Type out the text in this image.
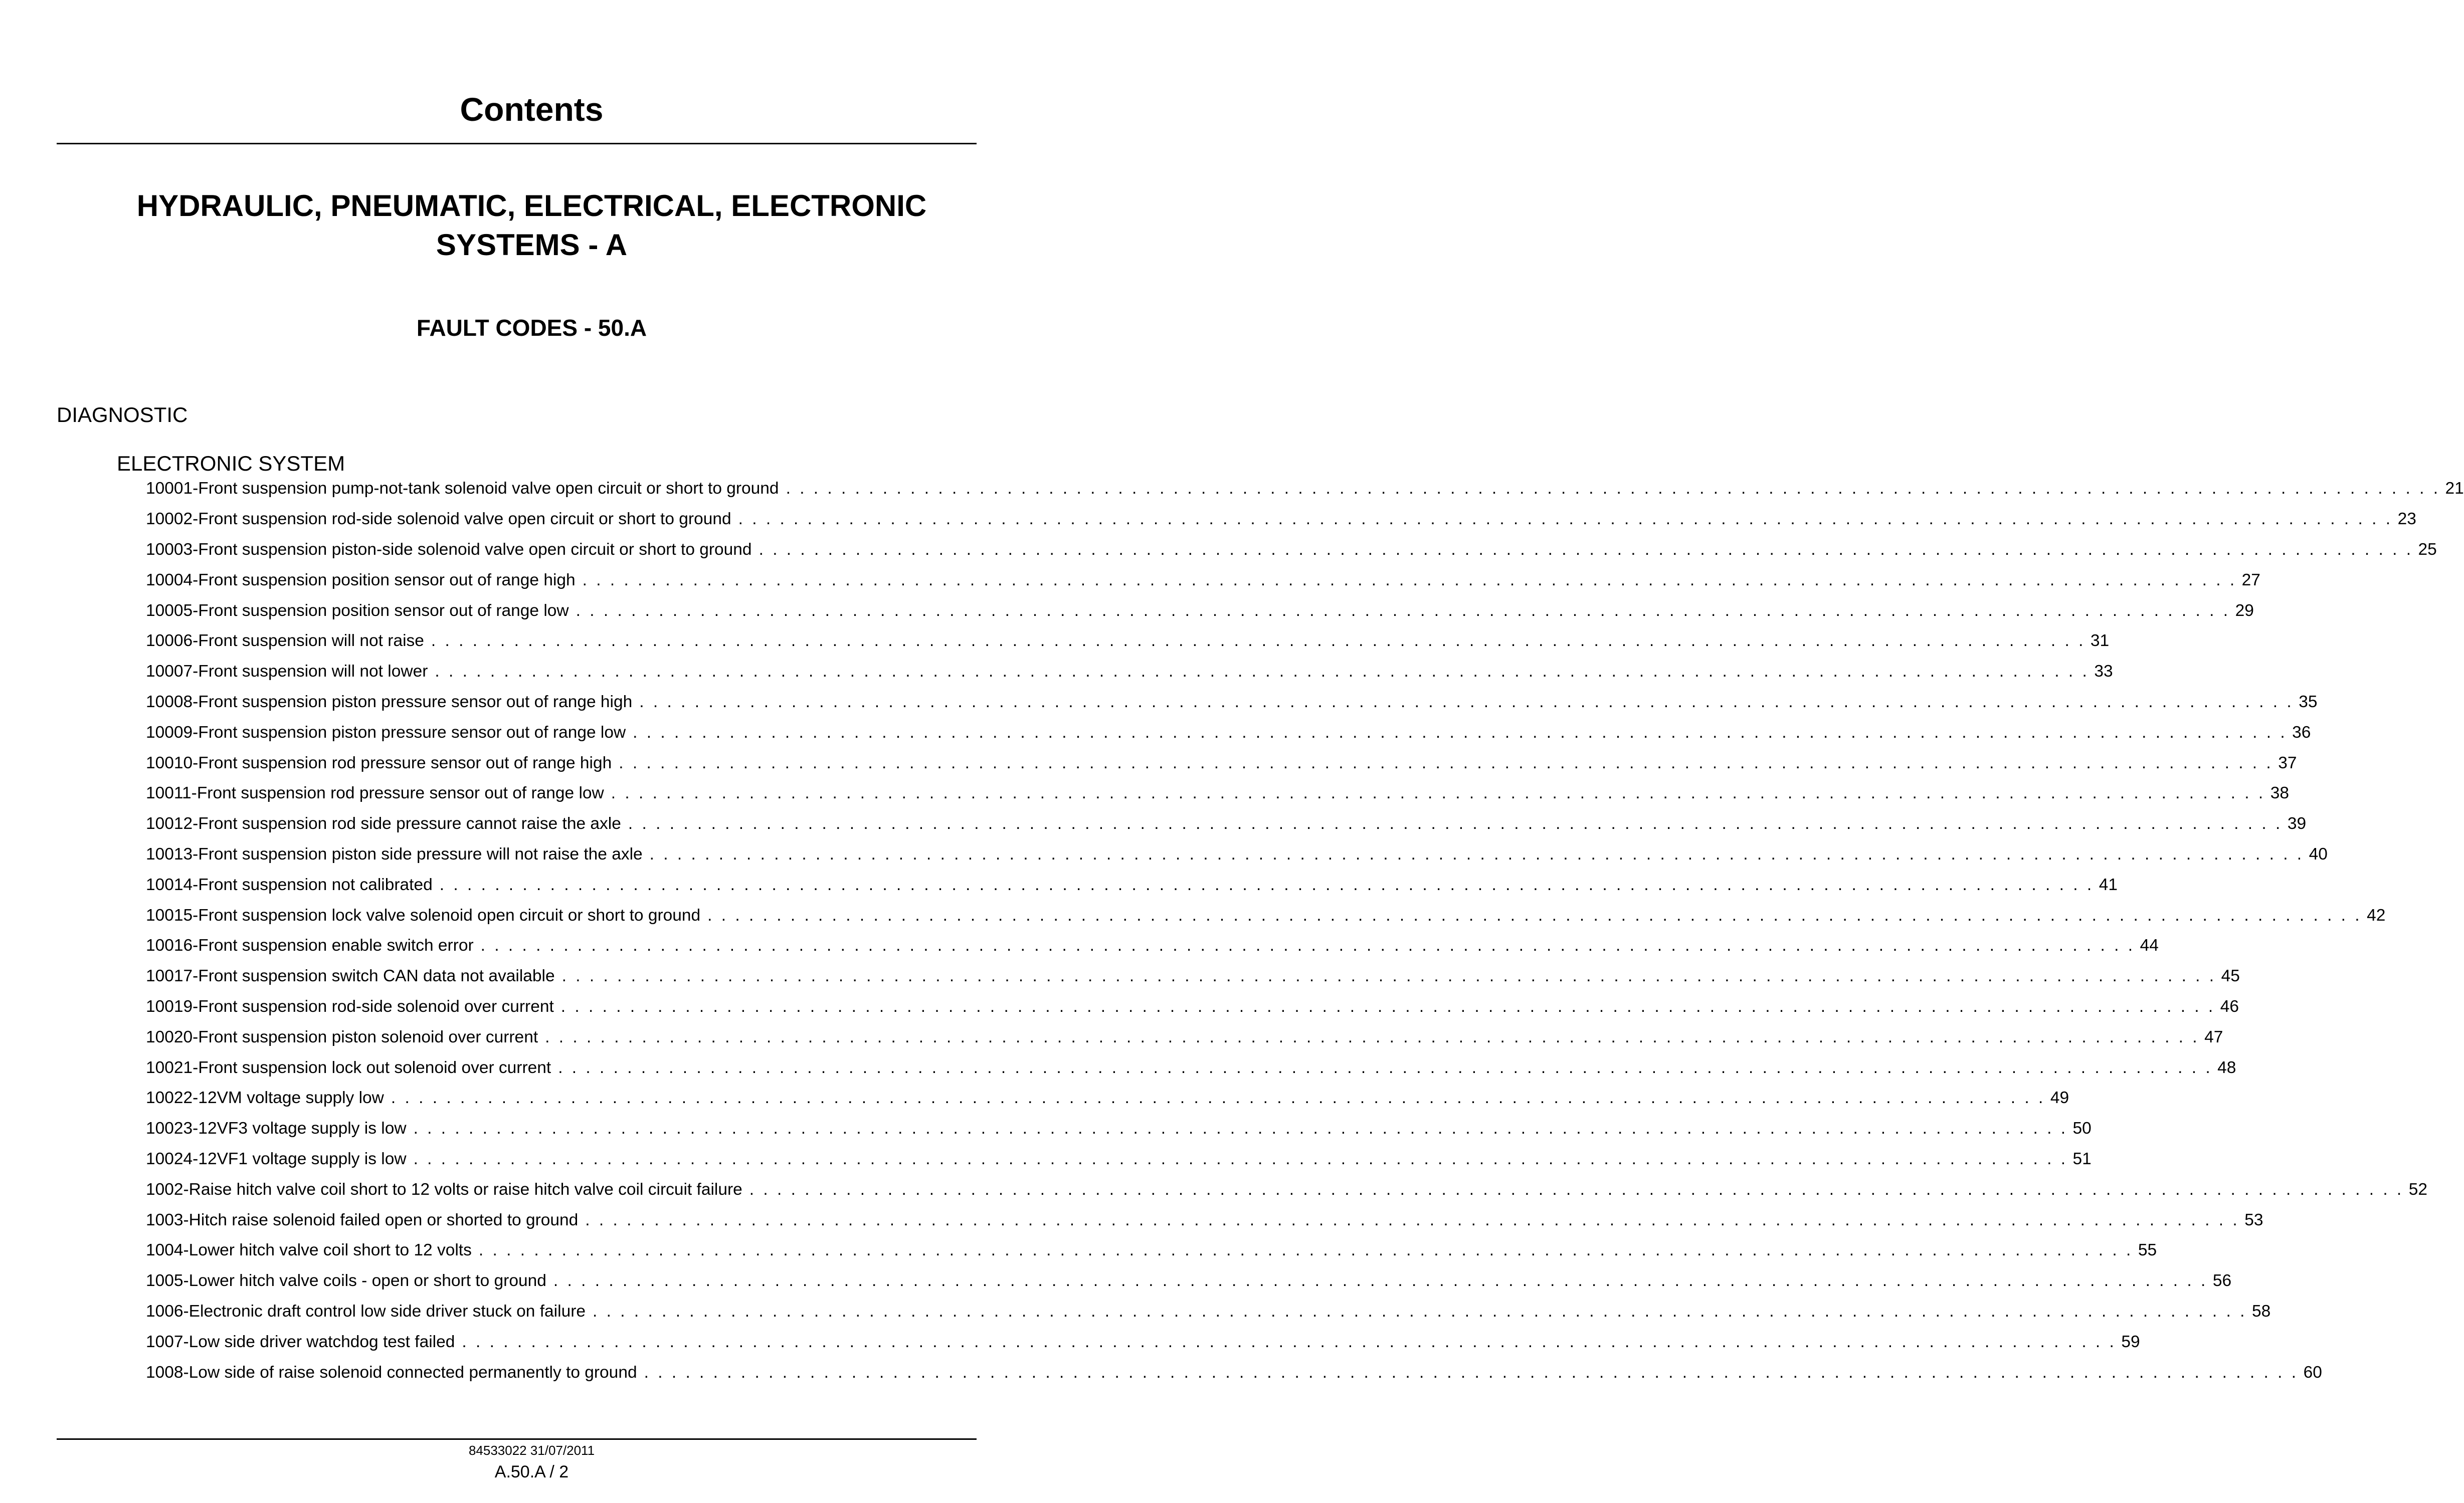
Contents
HYDRAULIC, PNEUMATIC, ELECTRICAL, ELECTRONIC
SYSTEMS - A
FAULT CODES - 50.A
DIAGNOSTIC
ELECTRONIC SYSTEM
10001-Front suspension pump-not-tank solenoid valve open circuit or short to ground . . . . . . . . . . . . . . . . . . . . . . . . . . . . . . . . . . . . . . . . . . . . . . . . . . . . . . . . . . . . . . . . . . . . . . . . . . . . . . . . . . . . . . . . . . . . . . . . . . . . . . . . . . . . . . . . . . . . . . . . 21
10002-Front suspension rod-side solenoid valve open circuit or short to ground . . . . . . . . . . . . . . . . . . . . . . . . . . . . . . . . . . . . . . . . . . . . . . . . . . . . . . . . . . . . . . . . . . . . . . . . . . . . . . . . . . . . . . . . . . . . . . . . . . . . . . . . . . . . . . . . . . . . . . . . 23
10003-Front suspension piston-side solenoid valve open circuit or short to ground . . . . . . . . . . . . . . . . . . . . . . . . . . . . . . . . . . . . . . . . . . . . . . . . . . . . . . . . . . . . . . . . . . . . . . . . . . . . . . . . . . . . . . . . . . . . . . . . . . . . . . . . . . . . . . . . . . . . . . . . 25
10004-Front suspension position sensor out of range high . . . . . . . . . . . . . . . . . . . . . . . . . . . . . . . . . . . . . . . . . . . . . . . . . . . . . . . . . . . . . . . . . . . . . . . . . . . . . . . . . . . . . . . . . . . . . . . . . . . . . . . . . . . . . . . . . . . . . . . . 27
10005-Front suspension position sensor out of range low . . . . . . . . . . . . . . . . . . . . . . . . . . . . . . . . . . . . . . . . . . . . . . . . . . . . . . . . . . . . . . . . . . . . . . . . . . . . . . . . . . . . . . . . . . . . . . . . . . . . . . . . . . . . . . . . . . . . . . . . 29
10006-Front suspension will not raise . . . . . . . . . . . . . . . . . . . . . . . . . . . . . . . . . . . . . . . . . . . . . . . . . . . . . . . . . . . . . . . . . . . . . . . . . . . . . . . . . . . . . . . . . . . . . . . . . . . . . . . . . . . . . . . . . . . . . . . . 31
10007-Front suspension will not lower . . . . . . . . . . . . . . . . . . . . . . . . . . . . . . . . . . . . . . . . . . . . . . . . . . . . . . . . . . . . . . . . . . . . . . . . . . . . . . . . . . . . . . . . . . . . . . . . . . . . . . . . . . . . . . . . . . . . . . . . 33
10008-Front suspension piston pressure sensor out of range high . . . . . . . . . . . . . . . . . . . . . . . . . . . . . . . . . . . . . . . . . . . . . . . . . . . . . . . . . . . . . . . . . . . . . . . . . . . . . . . . . . . . . . . . . . . . . . . . . . . . . . . . . . . . . . . . . . . . . . . . 35
10009-Front suspension piston pressure sensor out of range low . . . . . . . . . . . . . . . . . . . . . . . . . . . . . . . . . . . . . . . . . . . . . . . . . . . . . . . . . . . . . . . . . . . . . . . . . . . . . . . . . . . . . . . . . . . . . . . . . . . . . . . . . . . . . . . . . . . . . . . . 36
10010-Front suspension rod pressure sensor out of range high . . . . . . . . . . . . . . . . . . . . . . . . . . . . . . . . . . . . . . . . . . . . . . . . . . . . . . . . . . . . . . . . . . . . . . . . . . . . . . . . . . . . . . . . . . . . . . . . . . . . . . . . . . . . . . . . . . . . . . . . 37
10011-Front suspension rod pressure sensor out of range low . . . . . . . . . . . . . . . . . . . . . . . . . . . . . . . . . . . . . . . . . . . . . . . . . . . . . . . . . . . . . . . . . . . . . . . . . . . . . . . . . . . . . . . . . . . . . . . . . . . . . . . . . . . . . . . . . . . . . . . . 38
10012-Front suspension rod side pressure cannot raise the axle . . . . . . . . . . . . . . . . . . . . . . . . . . . . . . . . . . . . . . . . . . . . . . . . . . . . . . . . . . . . . . . . . . . . . . . . . . . . . . . . . . . . . . . . . . . . . . . . . . . . . . . . . . . . . . . . . . . . . . . . 39
10013-Front suspension piston side pressure will not raise the axle . . . . . . . . . . . . . . . . . . . . . . . . . . . . . . . . . . . . . . . . . . . . . . . . . . . . . . . . . . . . . . . . . . . . . . . . . . . . . . . . . . . . . . . . . . . . . . . . . . . . . . . . . . . . . . . . . . . . . . . . 40
10014-Front suspension not calibrated . . . . . . . . . . . . . . . . . . . . . . . . . . . . . . . . . . . . . . . . . . . . . . . . . . . . . . . . . . . . . . . . . . . . . . . . . . . . . . . . . . . . . . . . . . . . . . . . . . . . . . . . . . . . . . . . . . . . . . . . 41
10015-Front suspension lock valve solenoid open circuit or short to ground . . . . . . . . . . . . . . . . . . . . . . . . . . . . . . . . . . . . . . . . . . . . . . . . . . . . . . . . . . . . . . . . . . . . . . . . . . . . . . . . . . . . . . . . . . . . . . . . . . . . . . . . . . . . . . . . . . . . . . . . 42
10016-Front suspension enable switch error . . . . . . . . . . . . . . . . . . . . . . . . . . . . . . . . . . . . . . . . . . . . . . . . . . . . . . . . . . . . . . . . . . . . . . . . . . . . . . . . . . . . . . . . . . . . . . . . . . . . . . . . . . . . . . . . . . . . . . . . 44
10017-Front suspension switch CAN data not available . . . . . . . . . . . . . . . . . . . . . . . . . . . . . . . . . . . . . . . . . . . . . . . . . . . . . . . . . . . . . . . . . . . . . . . . . . . . . . . . . . . . . . . . . . . . . . . . . . . . . . . . . . . . . . . . . . . . . . . . 45
10019-Front suspension rod-side solenoid over current . . . . . . . . . . . . . . . . . . . . . . . . . . . . . . . . . . . . . . . . . . . . . . . . . . . . . . . . . . . . . . . . . . . . . . . . . . . . . . . . . . . . . . . . . . . . . . . . . . . . . . . . . . . . . . . . . . . . . . . . 46
10020-Front suspension piston solenoid over current . . . . . . . . . . . . . . . . . . . . . . . . . . . . . . . . . . . . . . . . . . . . . . . . . . . . . . . . . . . . . . . . . . . . . . . . . . . . . . . . . . . . . . . . . . . . . . . . . . . . . . . . . . . . . . . . . . . . . . . . 47
10021-Front suspension lock out solenoid over current . . . . . . . . . . . . . . . . . . . . . . . . . . . . . . . . . . . . . . . . . . . . . . . . . . . . . . . . . . . . . . . . . . . . . . . . . . . . . . . . . . . . . . . . . . . . . . . . . . . . . . . . . . . . . . . . . . . . . . . . 48
10022-12VM voltage supply low . . . . . . . . . . . . . . . . . . . . . . . . . . . . . . . . . . . . . . . . . . . . . . . . . . . . . . . . . . . . . . . . . . . . . . . . . . . . . . . . . . . . . . . . . . . . . . . . . . . . . . . . . . . . . . . . . . . . . . . . 49
10023-12VF3 voltage supply is low . . . . . . . . . . . . . . . . . . . . . . . . . . . . . . . . . . . . . . . . . . . . . . . . . . . . . . . . . . . . . . . . . . . . . . . . . . . . . . . . . . . . . . . . . . . . . . . . . . . . . . . . . . . . . . . . . . . . . . . . 50
10024-12VF1 voltage supply is low . . . . . . . . . . . . . . . . . . . . . . . . . . . . . . . . . . . . . . . . . . . . . . . . . . . . . . . . . . . . . . . . . . . . . . . . . . . . . . . . . . . . . . . . . . . . . . . . . . . . . . . . . . . . . . . . . . . . . . . . 51
1002-Raise hitch valve coil short to 12 volts or raise hitch valve coil circuit failure . . . . . . . . . . . . . . . . . . . . . . . . . . . . . . . . . . . . . . . . . . . . . . . . . . . . . . . . . . . . . . . . . . . . . . . . . . . . . . . . . . . . . . . . . . . . . . . . . . . . . . . . . . . . . . . . . . . . . . . . 52
1003-Hitch raise solenoid failed open or shorted to ground . . . . . . . . . . . . . . . . . . . . . . . . . . . . . . . . . . . . . . . . . . . . . . . . . . . . . . . . . . . . . . . . . . . . . . . . . . . . . . . . . . . . . . . . . . . . . . . . . . . . . . . . . . . . . . . . . . . . . . . . 53
1004-Lower hitch valve coil short to 12 volts . . . . . . . . . . . . . . . . . . . . . . . . . . . . . . . . . . . . . . . . . . . . . . . . . . . . . . . . . . . . . . . . . . . . . . . . . . . . . . . . . . . . . . . . . . . . . . . . . . . . . . . . . . . . . . . . . . . . . . . . 55
1005-Lower hitch valve coils - open or short to ground . . . . . . . . . . . . . . . . . . . . . . . . . . . . . . . . . . . . . . . . . . . . . . . . . . . . . . . . . . . . . . . . . . . . . . . . . . . . . . . . . . . . . . . . . . . . . . . . . . . . . . . . . . . . . . . . . . . . . . . . 56
1006-Electronic draft control low side driver stuck on failure . . . . . . . . . . . . . . . . . . . . . . . . . . . . . . . . . . . . . . . . . . . . . . . . . . . . . . . . . . . . . . . . . . . . . . . . . . . . . . . . . . . . . . . . . . . . . . . . . . . . . . . . . . . . . . . . . . . . . . . . 58
1007-Low side driver watchdog test failed . . . . . . . . . . . . . . . . . . . . . . . . . . . . . . . . . . . . . . . . . . . . . . . . . . . . . . . . . . . . . . . . . . . . . . . . . . . . . . . . . . . . . . . . . . . . . . . . . . . . . . . . . . . . . . . . . . . . . . . . 59
1008-Low side of raise solenoid connected permanently to ground . . . . . . . . . . . . . . . . . . . . . . . . . . . . . . . . . . . . . . . . . . . . . . . . . . . . . . . . . . . . . . . . . . . . . . . . . . . . . . . . . . . . . . . . . . . . . . . . . . . . . . . . . . . . . . . . . . . . . . . . 60
84533022 31/07/2011
A.50.A / 2
